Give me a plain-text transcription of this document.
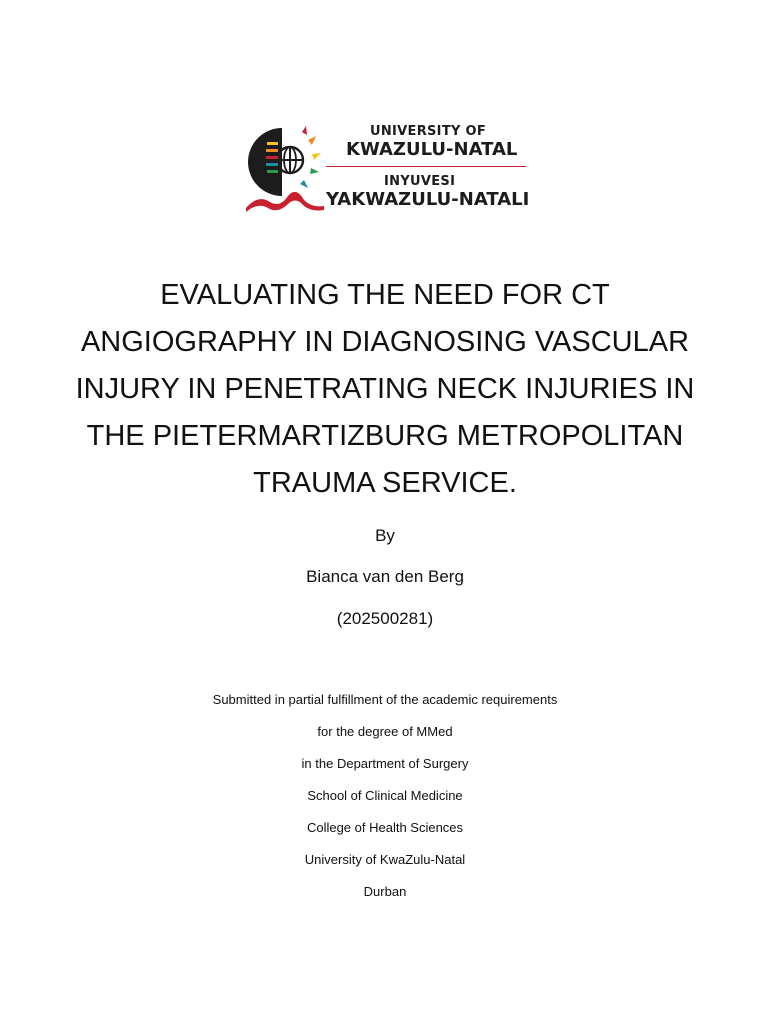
UNIVERSITY OF
KWAZULU-NATAL
INYUVESI
YAKWAZULU-NATALI
EVALUATING THE NEED FOR CT
ANGIOGRAPHY IN DIAGNOSING VASCULAR
INJURY IN PENETRATING NECK INJURIES IN
THE PIETERMARTIZBURG METROPOLITAN
TRAUMA SERVICE.
By
Bianca van den Berg
(202500281)
Submitted in partial fulfillment of the academic requirements
for the degree of MMed
in the Department of Surgery
School of Clinical Medicine
College of Health Sciences
University of KwaZulu-Natal
Durban
